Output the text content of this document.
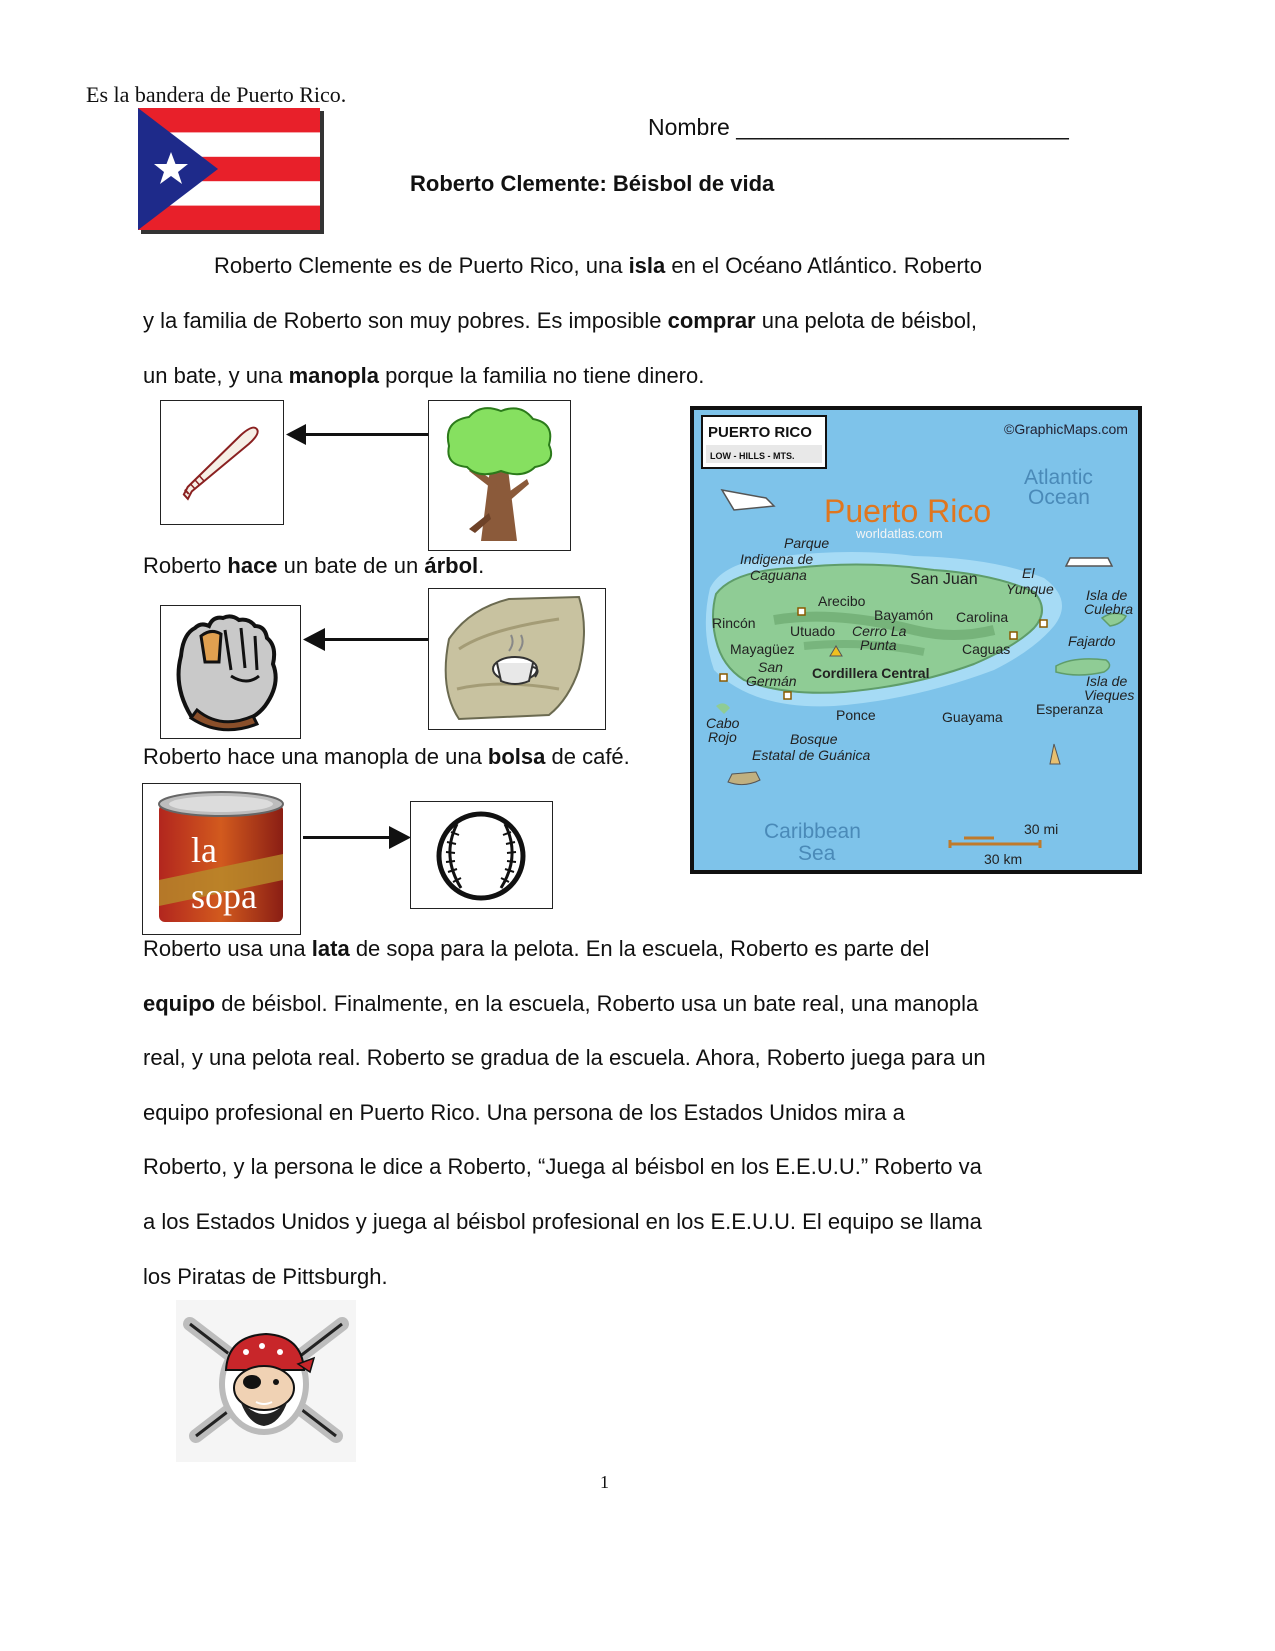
Es la bandera de Puerto Rico.
Nombre __________________________
Roberto Clemente: Béisbol de vida
Roberto Clemente es de Puerto Rico, una isla en el Océano Atlántico. Roberto
y la familia de Roberto son muy pobres. Es imposible comprar una pelota de béisbol,
un bate, y una manopla porque la familia no tiene dinero.
Roberto hace un bate de un árbol.
Roberto hace una manopla de una bolsa de café.
la
sopa
PUERTO RICO
LOW - HILLS - MTS.
©GraphicMaps.com
Puerto Rico
worldatlas.com
Atlantic
Ocean
Caribbean
Sea
Parque
Indigena de
Caguana	San Juan	El
Yunque Isla de
Culebra
Arecibo
Bayamón Carolina
Rincón Utuado Cerro La
Punta	Caguas	Fajardo
Mayagüez
San
Germán Cordillera Central	Isla de
Vieques
Ponce	Guayama Esperanza
Cabo
Rojo	Bosque
Estatal de Guánica
30 mi
30 km
Roberto usa una lata de sopa para la pelota. En la escuela, Roberto es parte del
equipo de béisbol. Finalmente, en la escuela, Roberto usa un bate real, una manopla
real, y una pelota real. Roberto se gradua de la escuela. Ahora, Roberto juega para un
equipo profesional en Puerto Rico. Una persona de los Estados Unidos mira a
Roberto, y la persona le dice a Roberto, “Juega al béisbol en los E.E.U.U.” Roberto va
a los Estados Unidos y juega al béisbol profesional en los E.E.U.U. El equipo se llama
los Piratas de Pittsburgh.
1
